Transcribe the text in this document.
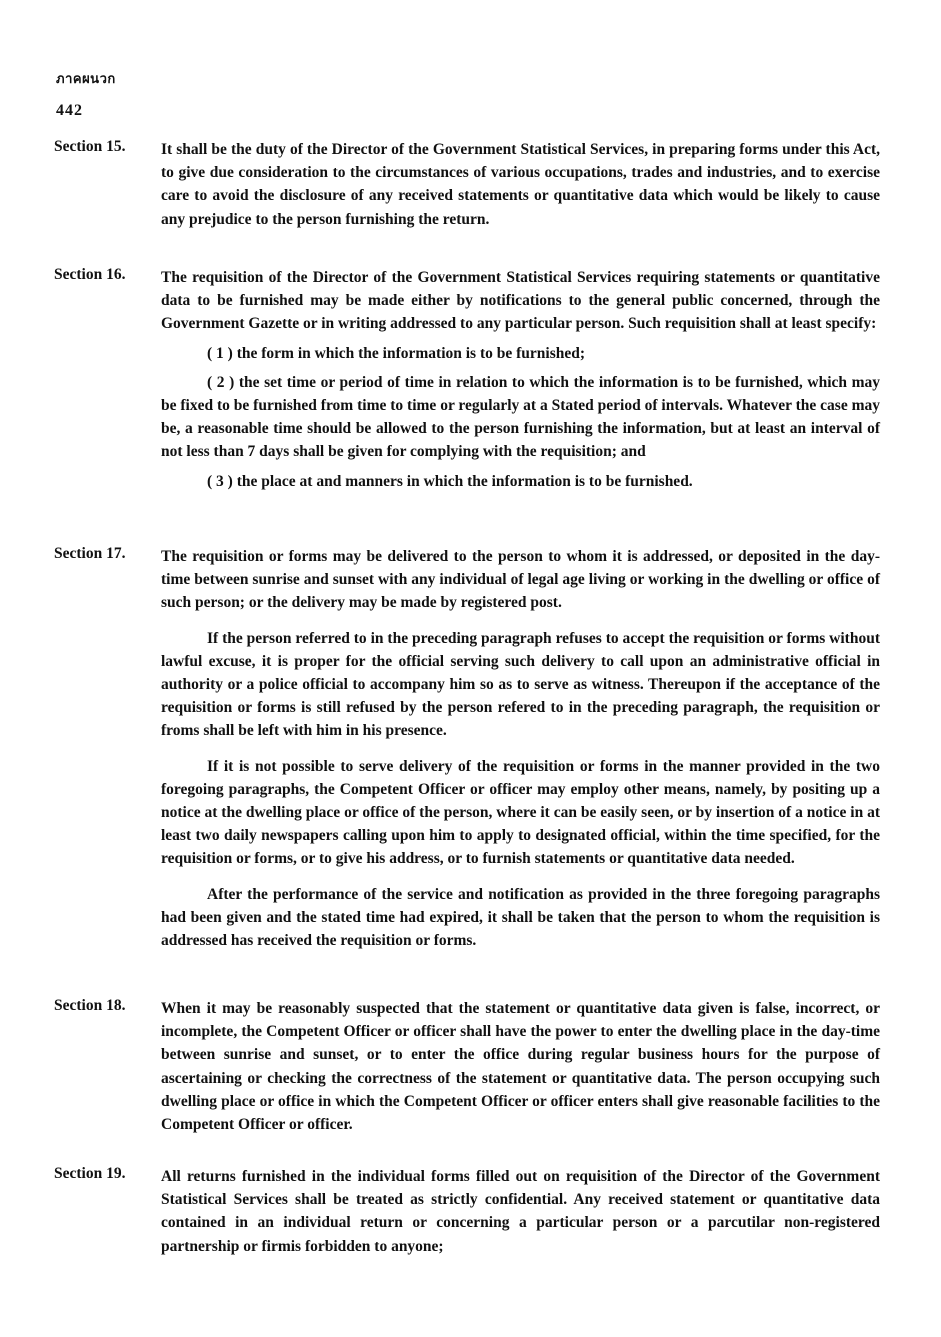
ภาคผนวก
442
Section 15.	It shall be the duty of the Director of the Government Statistical Services, in preparing forms under this Act, to give due consideration to the circumstances of various occupations, trades and industries, and to exercise care to avoid the disclosure of any received statements or quantitative data which would be likely to cause any prejudice to the person furnishing the return.

Section 16.	The requisition of the Director of the Government Statistical Services requiring statements or quantitative data to be furnished may be made either by notifications to the general public concerned, through the Government Gazette or in writing addressed to any particular person. Such requisition shall at least specify:

( 1 ) the form in which the information is to be furnished;

( 2 ) the set time or period of time in relation to which the information is to be furnished, which may be fixed to be furnished from time to time or regularly at a Stated period of intervals. Whatever the case may be, a reasonable time should be allowed to the person furnishing the information, but at least an interval of not less than 7 days shall be given for complying with the requisition; and

( 3 ) the place at and manners in which the information is to be furnished.

Section 17.	The requisition or forms may be delivered to the person to whom it is addressed, or deposited in the day-time between sunrise and sunset with any individual of legal age living or working in the dwelling or office of such person; or the delivery may be made by registered post.

If the person referred to in the preceding paragraph refuses to accept the requisition or forms without lawful excuse, it is proper for the official serving such delivery to call upon an administrative official in authority or a police official to accompany him so as to serve as witness. Thereupon if the acceptance of the requisition or forms is still refused by the person refered to in the preceding paragraph, the requisition or froms shall be left with him in his presence.

If it is not possible to serve delivery of the requisition or forms in the manner provided in the two foregoing paragraphs, the Competent Officer or officer may employ other means, namely, by positing up a notice at the dwelling place or office of the person, where it can be easily seen, or by insertion of a notice in at least two daily newspapers calling upon him to apply to designated official, within the time specified, for the requisition or forms, or to give his address, or to furnish statements or quantitative data needed.

After the performance of the service and notification as provided in the three foregoing paragraphs had been given and the stated time had expired, it shall be taken that the person to whom the requisition is addressed has received the requisition or forms.

Section 18.	When it may be reasonably suspected that the statement or quantitative data given is false, incorrect, or incomplete, the Competent Officer or officer shall have the power to enter the dwelling place in the day-time between sunrise and sunset, or to enter the office during regular business hours for the purpose of ascertaining or checking the correctness of the statement or quantitative data. The person occupying such dwelling place or office in which the Competent Officer or officer enters shall give reasonable facilities to the Competent Officer or officer.

Section 19.	All returns furnished in the individual forms filled out on requisition of the Director of the Government Statistical Services shall be treated as strictly confidential. Any received statement or quantitative data contained in an individual return or concerning a particular person or a parcutilar non-registered partnership or firmis forbidden to anyone;
